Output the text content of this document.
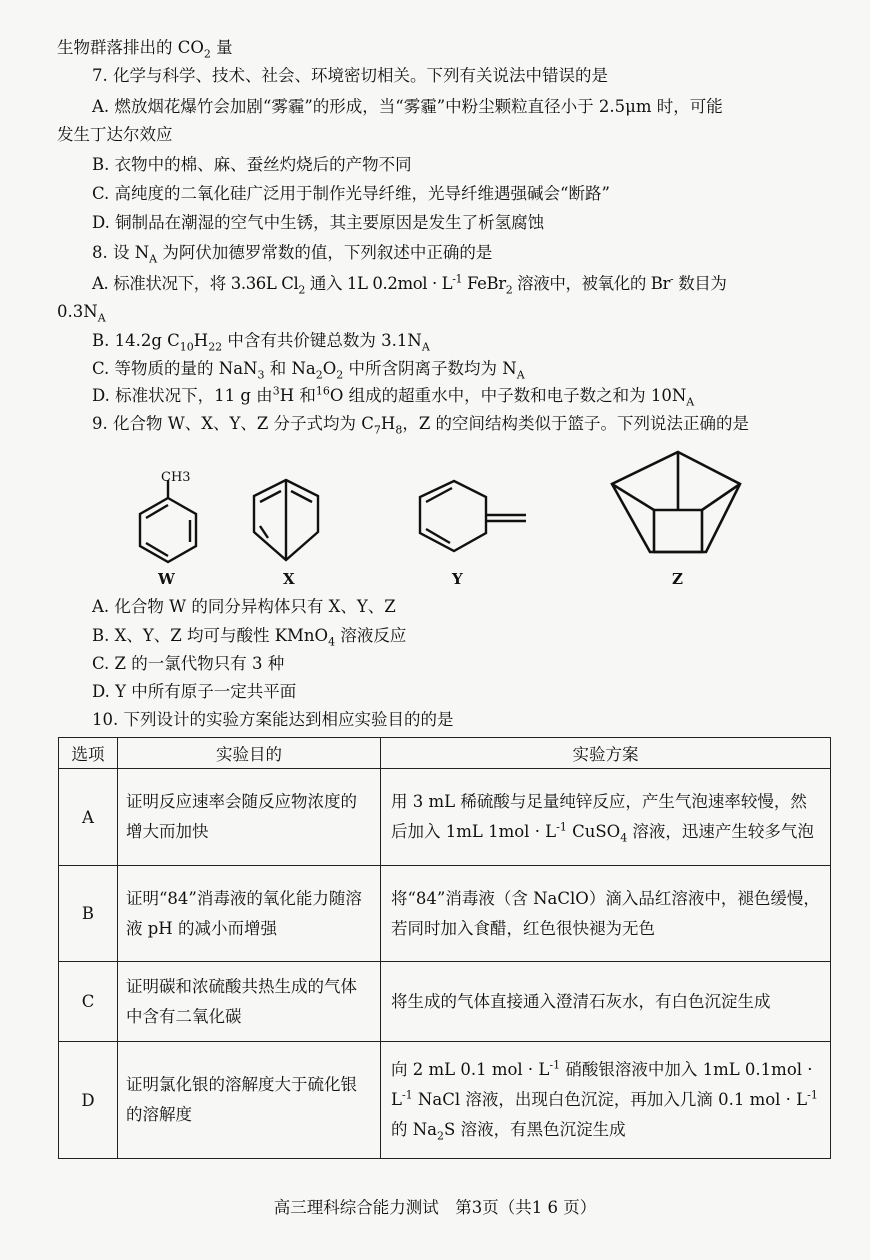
生物群落排出的 $CO_2$ 量
7. 化学与科学、技术、社会、环境密切相关。下列有关说法中错误的是
A. 燃放烟花爆竹会加剧“雾霾”的形成，当“雾霾”中粉尘颗粒直径小于 2.5μm 时，可能
发生丁达尔效应
B. 衣物中的棉、麻、蚕丝灼烧后的产物不同
C. 高纯度的二氧化硅广泛用于制作光导纤维，光导纤维遇强碱会“断路”
D. 铜制品在潮湿的空气中生锈，其主要原因是发生了析氢腐蚀
8. 设 $N_A$ 为阿伏加德罗常数的值，下列叙述中正确的是
A. 标准状况下，将 3.36L $Cl_2$ 通入 1L $0.2mol \cdot L^{-1}$ FeBr$_2$ 溶液中，被氧化的 Br- 数目为
$0.3N_A$
B. 14.2g $C_{10}H_{22}$ 中含有共价键总数为 $3.1N_A$
C. 等物质的量的 NaN$_3$ 和 $Na_2O_2$ 中所含阴离子数均为 $N_A$
D. 标准状况下，11 g 由$^3$H 和$^{16}$O 组成的超重水中，中子数和电子数之和为 $10N_A$
9. 化合物 W、X、Y、Z 分子式均为 $C_7H_8$，Z 的空间结构类似于篮子。下列说法正确的是
CH3
W	X	Y	Z
A. 化合物 W 的同分异构体只有 X、Y、Z
B. X、Y、Z 均可与酸性 KMnO$_4$ 溶液反应
C. Z 的一氯代物只有 3 种
D. Y 中所有原子一定共平面
10. 下列设计的实验方案能达到相应实验目的的是
选项	实验目的	实验方案
A	证明反应速率会随反应物浓度的增大而加快	用 3 mL 稀硫酸与足量纯锌反应，产生气泡速率较慢，然后加入 1mL $1mol \cdot L^{-1}$ CuSO$_4$ 溶液，迅速产生较多气泡

B	证明“84”消毒液的氧化能力随溶液 pH 的减小而增强	将“84”消毒液（含 NaClO）滴入品红溶液中，褪色缓慢，若同时加入食醋，红色很快褪为无色

C	证明碳和浓硫酸共热生成的气体中含有二氧化碳	将生成的气体直接通入澄清石灰水，有白色沉淀生成

D	证明氯化银的溶解度大于硫化银的溶解度	向 2 mL 0.1 mol · $L^{-1}$ 硝酸银溶液中加入 1mL $0.1mol \cdot L^{-1}$ NaCl 溶液，出现白色沉淀，再加入几滴 0.1 mol · $L^{-1}$ 的 $Na_2S$ 溶液，有黑色沉淀生成
高三理科综合能力测试　第3页（共1 6 页）
